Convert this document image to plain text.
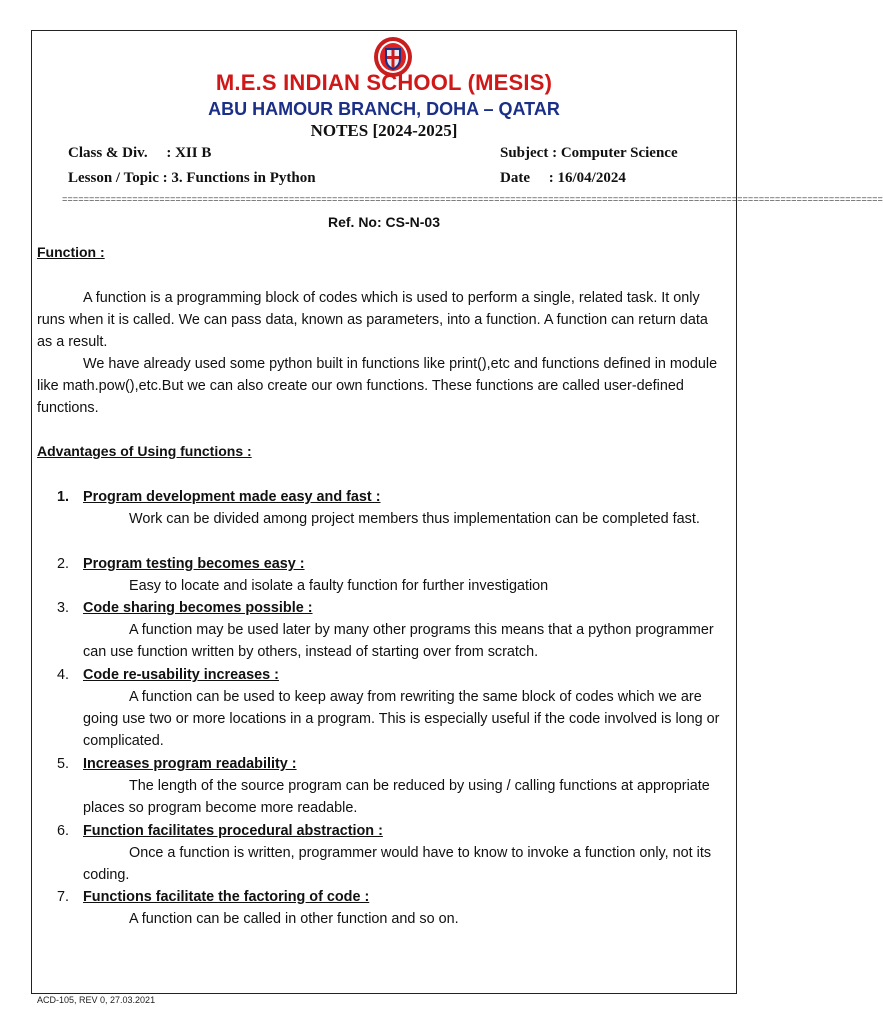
M.E.S INDIAN SCHOOL (MESIS)
ABU HAMOUR BRANCH, DOHA – QATAR
NOTES [2024-2025]
Class & Div.     : XII B	Subject : Computer Science
Lesson / Topic : 3. Functions in Python	Date     : 16/04/2024
========================================================================================================================================================
Ref. No: CS-N-03
Function :
A function is a programming block of codes which is used to perform a single, related task. It only runs when it is called. We can pass data, known as parameters, into a function. A function can return data as a result.
We have already used some python built in functions like print(),etc and functions defined in module like math.pow(),etc.But we can also create our own functions. These functions are called user-defined functions.
Advantages of Using functions :
1. Program development made easy and fast :
Work can be divided among project members thus implementation can be completed fast.
2. Program testing becomes easy :
Easy to locate and isolate a faulty function for further investigation
3. Code sharing becomes possible :
A function may be used later by many other programs this means that a python programmer can use function written by others, instead of starting over from scratch.
4. Code re-usability increases :
A function can be used to keep away from rewriting the same block of codes which we are going use two or more locations in a program. This is especially useful if the code involved is long or complicated.
5. Increases program readability :
The length of the source program can be reduced by using / calling functions at appropriate places so program become more readable.
6. Function facilitates procedural abstraction :
Once a function is written, programmer would have to know to invoke a function only, not its coding.
7. Functions facilitate the factoring of code :
A function can be called in other function and so on.
ACD-105, REV 0, 27.03.2021
